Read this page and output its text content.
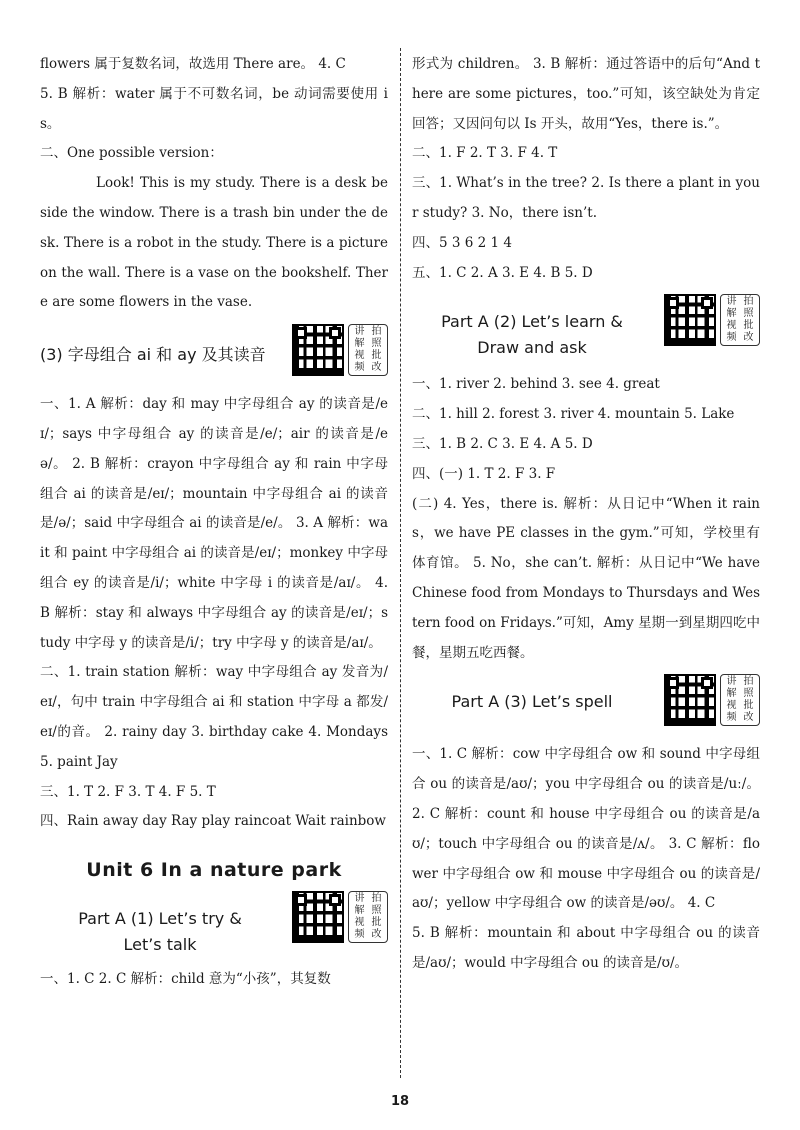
flowers 属于复数名词，故选用 There are。 4. C

5. B 解析：water 属于不可数名词，be 动词需要使用 is。

二、One possible version：

Look! This is my study. There is a desk beside the window. There is a trash bin under the desk. There is a robot in the study. There is a picture on the wall. There is a vase on the bookshelf. There are some flowers in the vase.

(3) 字母组合 ai 和 ay 及其读音
讲 拍
解 照
视 批
频 改

一、1. A 解析：day 和 may 中字母组合 ay 的读音是/eɪ/；says 中字母组合 ay 的读音是/e/；air 的读音是/eə/。 2. B 解析：crayon 中字母组合 ay 和 rain 中字母组合 ai 的读音是/eɪ/；mountain 中字母组合 ai 的读音是/ə/；said 中字母组合 ai 的读音是/e/。 3. A 解析：wait 和 paint 中字母组合 ai 的读音是/eɪ/；monkey 中字母组合 ey 的读音是/i/；white 中字母 i 的读音是/aɪ/。 4. B 解析：stay 和 always 中字母组合 ay 的读音是/eɪ/；study 中字母 y 的读音是/i/；try 中字母 y 的读音是/aɪ/。

二、1. train station 解析：way 中字母组合 ay 发音为/eɪ/，句中 train 中字母组合 ai 和 station 中字母 a 都发/eɪ/的音。 2. rainy day 3. birthday cake 4. Mondays 5. paint Jay

三、1. T 2. F 3. T 4. F 5. T

四、Rain away day Ray play raincoat Wait rainbow

Unit 6 In a nature park
Part A (1) Let’s try &
Let’s talk
讲 拍
解 照
视 批
频 改

一、1. C 2. C 解析：child 意为“小孩”，其复数

形式为 children。 3. B 解析：通过答语中的后句“And there are some pictures，too.”可知，该空缺处为肯定回答；又因问句以 Is 开头，故用“Yes，there is.”。

二、1. F 2. T 3. F 4. T

三、1. What’s in the tree? 2. Is there a plant in your study? 3. No，there isn’t.

四、5 3 6 2 1 4

五、1. C 2. A 3. E 4. B 5. D

Part A (2) Let’s learn &
Draw and ask
讲 拍
解 照
视 批
频 改

一、1. river 2. behind 3. see 4. great

二、1. hill 2. forest 3. river 4. mountain 5. Lake

三、1. B 2. C 3. E 4. A 5. D

四、(一) 1. T 2. F 3. F

(二) 4. Yes，there is. 解析：从日记中“When it rains，we have PE classes in the gym.”可知，学校里有体育馆。 5. No，she can’t. 解析：从日记中“We have Chinese food from Mondays to Thursdays and Western food on Fridays.”可知，Amy 星期一到星期四吃中餐，星期五吃西餐。

Part A (3) Let’s spell
讲 拍
解 照
视 批
频 改

一、1. C 解析：cow 中字母组合 ow 和 sound 中字母组合 ou 的读音是/aʊ/；you 中字母组合 ou 的读音是/uː/。 2. C 解析：count 和 house 中字母组合 ou 的读音是/aʊ/；touch 中字母组合 ou 的读音是/ʌ/。 3. C 解析：flower 中字母组合 ow 和 mouse 中字母组合 ou 的读音是/aʊ/；yellow 中字母组合 ow 的读音是/əʊ/。 4. C

5. B 解析：mountain 和 about 中字母组合 ou 的读音是/aʊ/；would 中字母组合 ou 的读音是/ʊ/。

18
